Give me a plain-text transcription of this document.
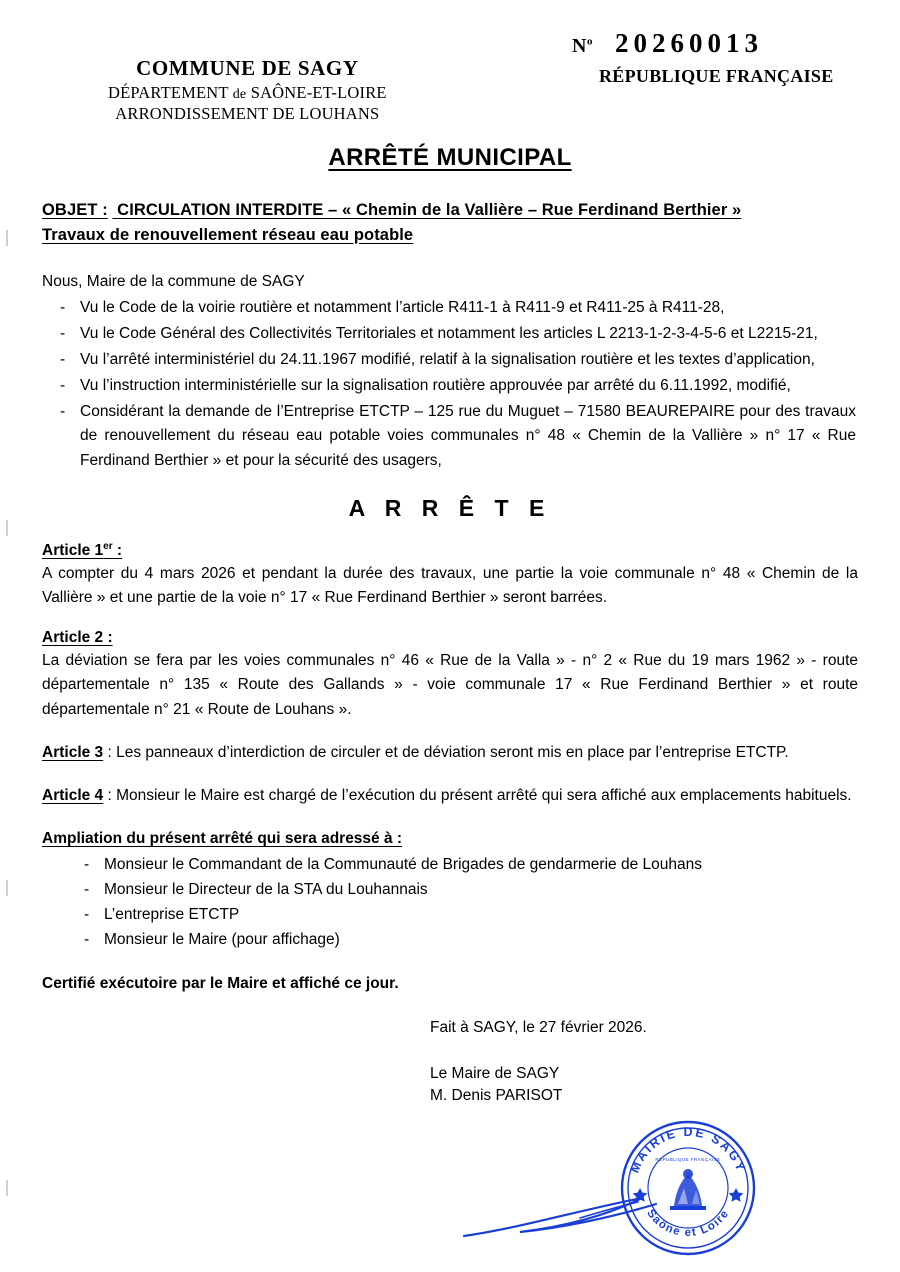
$N^o$ 20260013
RÉPUBLIQUE FRANÇAISE
COMMUNE DE SAGY
DÉPARTEMENT de SAÔNE-ET-LOIRE
ARRONDISSEMENT DE LOUHANS
ARRÊTÉ MUNICIPAL
OBJET : CIRCULATION INTERDITE – « Chemin de la Vallière – Rue Ferdinand Berthier »
Travaux de renouvellement réseau eau potable
Nous, Maire de la commune de SAGY
- Vu le Code de la voirie routière et notamment l’article R411-1 à R411-9 et R411-25 à R411-28,
- Vu le Code Général des Collectivités Territoriales et notamment les articles L 2213-1-2-3-4-5-6 et L2215-21,
- Vu l’arrêté interministériel du 24.11.1967 modifié, relatif à la signalisation routière et les textes d’application,
- Vu l’instruction interministérielle sur la signalisation routière approuvée par arrêté du 6.11.1992, modifié,
- Considérant la demande de l’Entreprise ETCTP – 125 rue du Muguet – 71580 BEAUREPAIRE pour des travaux de renouvellement du réseau eau potable voies communales n° 48 « Chemin de la Vallière » n° 17 « Rue Ferdinand Berthier » et pour la sécurité des usagers,
A R R Ê T E
Article 1er :
A compter du 4 mars 2026 et pendant la durée des travaux, une partie la voie communale n° 48 « Chemin de la Vallière » et une partie de la voie n° 17 « Rue Ferdinand Berthier » seront barrées.
Article 2 :
La déviation se fera par les voies communales n° 46 « Rue de la Valla » - n° 2 « Rue du 19 mars 1962 » - route départementale n° 135 « Route des Gallands » - voie communale 17 « Rue Ferdinand Berthier » et route départementale n° 21 « Route de Louhans ».
Article 3 : Les panneaux d’interdiction de circuler et de déviation seront mis en place par l’entreprise ETCTP.
Article 4 : Monsieur le Maire est chargé de l’exécution du présent arrêté qui sera affiché aux emplacements habituels.
Ampliation du présent arrêté qui sera adressé à :
- Monsieur le Commandant de la Communauté de Brigades de gendarmerie de Louhans
- Monsieur le Directeur de la STA du Louhannais
- L’entreprise ETCTP
- Monsieur le Maire (pour affichage)
Certifié exécutoire par le Maire et affiché ce jour.
Fait à SAGY, le 27 février 2026.
Le Maire de SAGY
M. Denis PARISOT
MAIRIE DE SAGY
Saône et Loire
RÉPUBLIQUE FRANÇAISE
